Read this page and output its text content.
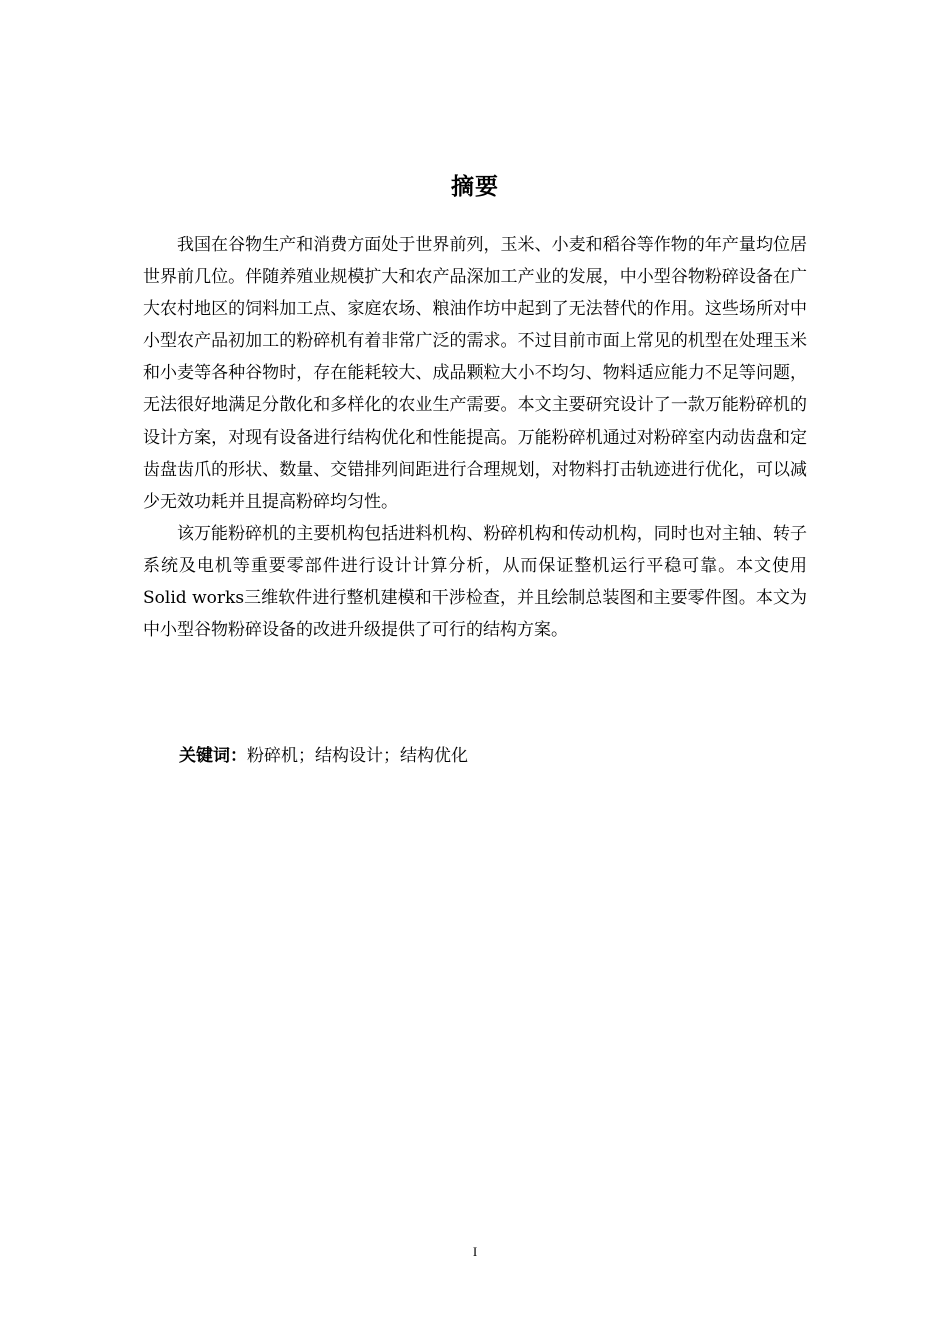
摘要

我国在谷物生产和消费方面处于世界前列，玉米、小麦和稻谷等作物的年产量均位居世界前几位。伴随养殖业规模扩大和农产品深加工产业的发展，中小型谷物粉碎设备在广大农村地区的饲料加工点、家庭农场、粮油作坊中起到了无法替代的作用。这些场所对中小型农产品初加工的粉碎机有着非常广泛的需求。不过目前市面上常见的机型在处理玉米和小麦等各种谷物时，存在能耗较大、成品颗粒大小不均匀、物料适应能力不足等问题，无法很好地满足分散化和多样化的农业生产需要。本文主要研究设计了一款万能粉碎机的设计方案，对现有设备进行结构优化和性能提高。万能粉碎机通过对粉碎室内动齿盘和定齿盘齿爪的形状、数量、交错排列间距进行合理规划，对物料打击轨迹进行优化，可以减少无效功耗并且提高粉碎均匀性。

该万能粉碎机的主要机构包括进料机构、粉碎机构和传动机构，同时也对主轴、转子系统及电机等重要零部件进行设计计算分析，从而保证整机运行平稳可靠。本文使用Solid works三维软件进行整机建模和干涉检查，并且绘制总装图和主要零件图。本文为中小型谷物粉碎设备的改进升级提供了可行的结构方案。

关键词：粉碎机；结构设计；结构优化
I
